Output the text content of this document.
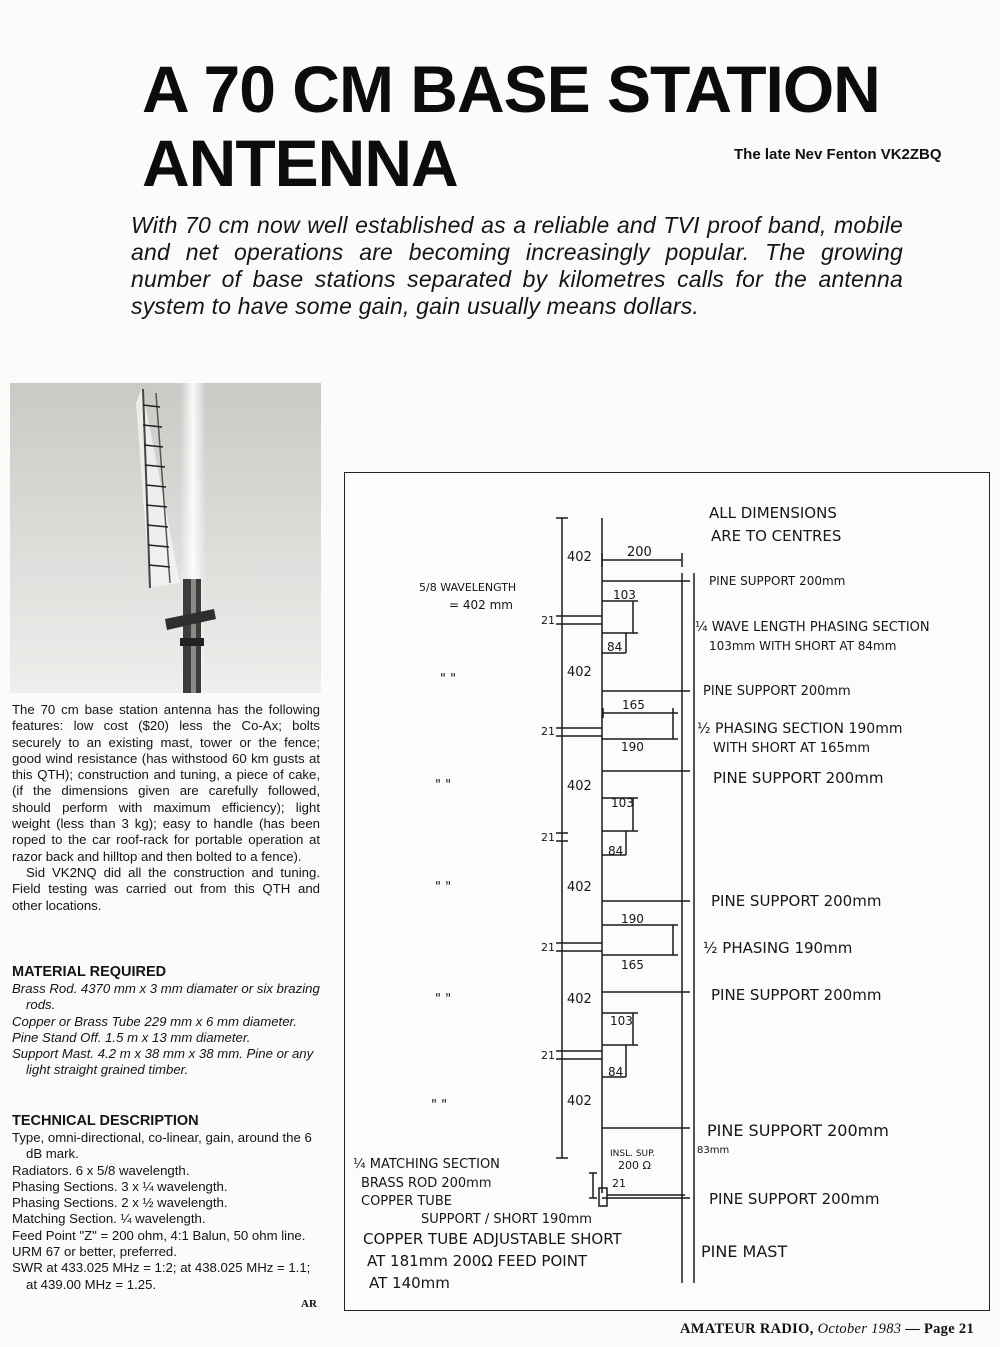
A 70 CM BASE STATION
ANTENNA	The late Nev Fenton VK2ZBQ

With 70 cm now well established as a reliable and TVI proof band, mobile and net operations are becoming increasingly popular. The growing number of base stations separated by kilometres calls for the antenna system to have some gain, gain usually means dollars.

The 70 cm base station antenna has the following features: low cost ($20) less the Co-Ax; bolts securely to an existing mast, tower or the fence; good wind resistance (has withstood 60 km gusts at this QTH); construction and tuning, a piece of cake, (if the dimensions given are carefully followed, should perform with maximum efficiency); light weight (less than 3 kg); easy to handle (has been roped to the car roof-rack for portable operation at razor back and hilltop and then bolted to a fence).

Sid VK2NQ did all the construction and tuning. Field testing was carried out from this QTH and other locations.

MATERIAL REQUIRED

Brass Rod. 4370 mm x 3 mm diamater or six brazing rods.

Copper or Brass Tube 229 mm x 6 mm diameter.

Pine Stand Off. 1.5 m x 13 mm diameter.

Support Mast. 4.2 m x 38 mm x 38 mm. Pine or any light straight grained timber.

TECHNICAL DESCRIPTION

Type, omni-directional, co-linear, gain, around the 6 dB mark.

Radiators. 6 x 5/8 wavelength.

Phasing Sections. 3 x ¼ wavelength.

Phasing Sections. 2 x ½ wavelength.

Matching Section. ¼ wavelength.

Feed Point "Z" = 200 ohm, 4:1 Balun, 50 ohm line.

URM 67 or better, preferred.

SWR at 433.025 MHz = 1:2; at 438.025 MHz = 1.1; at 439.00 MHz = 1.25.

AR
ALL DIMENSIONS
ARE TO CENTRES
402	200
5/8 WAVELENGTH
= 402 mm
103
21
84
402
" "
165
21
190
402
" "
103
21
84
402
" "
190
21
165
402
" "
103
21
84
402
" "
INSL. SUP.
200 Ω
83mm
21
PINE SUPPORT 200mm
¼ WAVE LENGTH PHASING SECTION
103mm WITH SHORT AT 84mm
PINE SUPPORT 200mm
½ PHASING SECTION 190mm
WITH SHORT AT 165mm
PINE SUPPORT 200mm
PINE SUPPORT 200mm
½ PHASING 190mm
PINE SUPPORT 200mm
PINE SUPPORT 200mm
PINE SUPPORT 200mm
PINE MAST
¼ MATCHING SECTION
BRASS ROD 200mm
COPPER TUBE
SUPPORT / SHORT 190mm
COPPER TUBE ADJUSTABLE SHORT
AT 181mm 200Ω FEED POINT
AT 140mm
AMATEUR RADIO, October 1983 — Page 21
